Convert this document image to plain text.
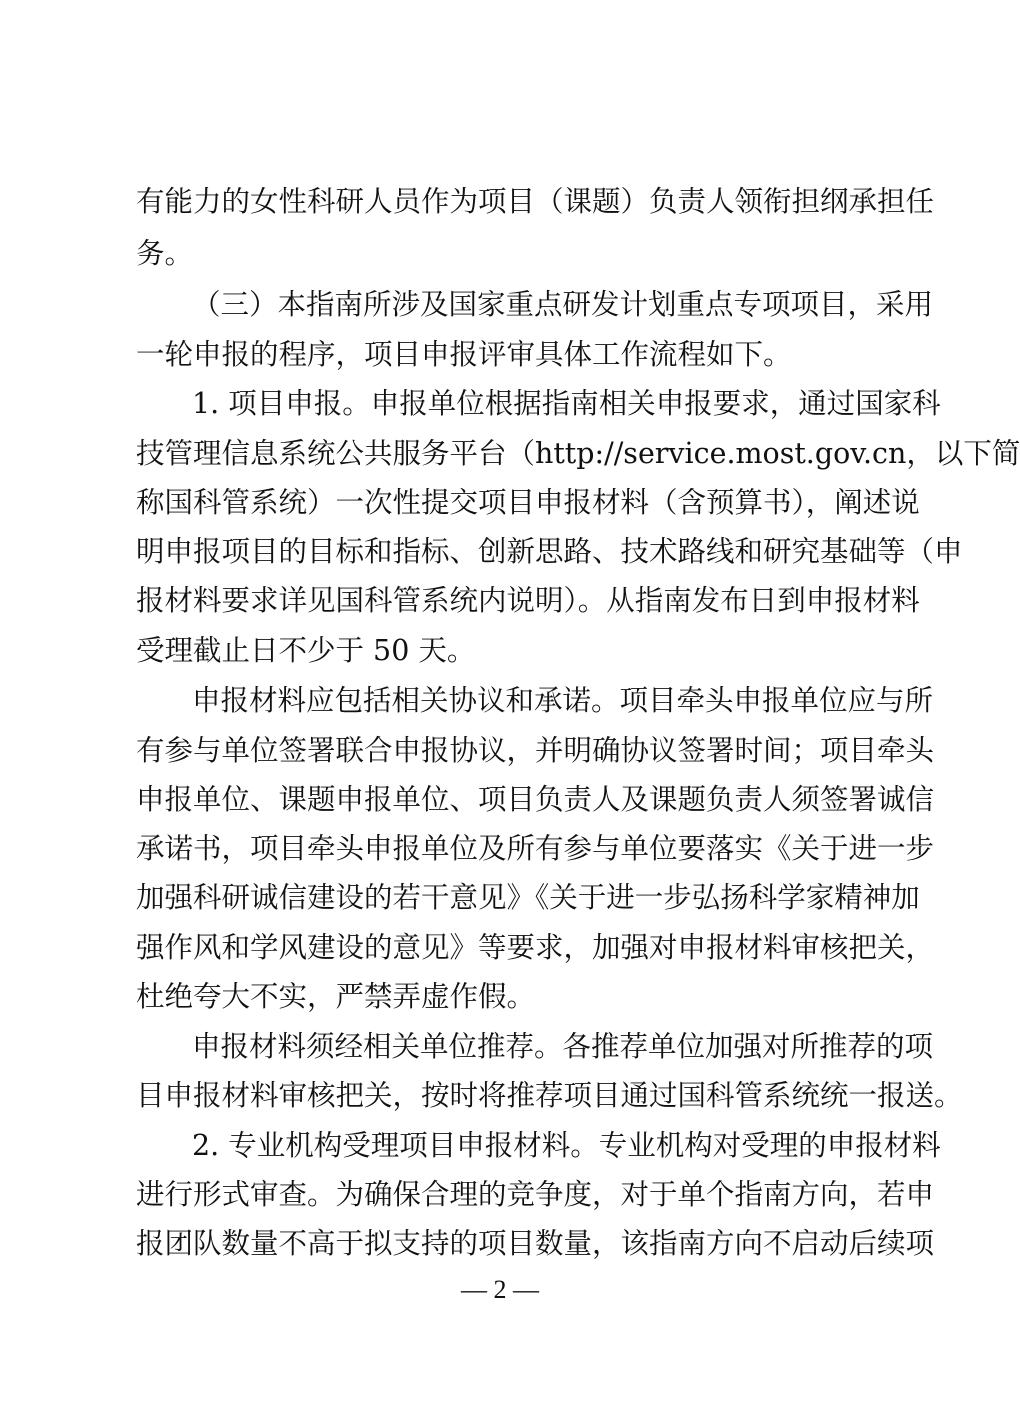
有能力的女性科研人员作为项目（课题）负责人领衔担纲承担任
务。
（三）本指南所涉及国家重点研发计划重点专项项目，采用
一轮申报的程序，项目申报评审具体工作流程如下。
1. 项目申报。申报单位根据指南相关申报要求，通过国家科
技管理信息系统公共服务平台（http://service.most.gov.cn，以下简
称国科管系统）一次性提交项目申报材料（含预算书），阐述说
明申报项目的目标和指标、创新思路、技术路线和研究基础等（申
报材料要求详见国科管系统内说明）。从指南发布日到申报材料
受理截止日不少于 50 天。
申报材料应包括相关协议和承诺。项目牵头申报单位应与所
有参与单位签署联合申报协议，并明确协议签署时间；项目牵头
申报单位、课题申报单位、项目负责人及课题负责人须签署诚信
承诺书，项目牵头申报单位及所有参与单位要落实《关于进一步
加强科研诚信建设的若干意见》《关于进一步弘扬科学家精神加
强作风和学风建设的意见》等要求，加强对申报材料审核把关，
杜绝夸大不实，严禁弄虚作假。
申报材料须经相关单位推荐。各推荐单位加强对所推荐的项
目申报材料审核把关，按时将推荐项目通过国科管系统统一报送。
2. 专业机构受理项目申报材料。专业机构对受理的申报材料
进行形式审查。为确保合理的竞争度，对于单个指南方向，若申
报团队数量不高于拟支持的项目数量，该指南方向不启动后续项
— 2 —
